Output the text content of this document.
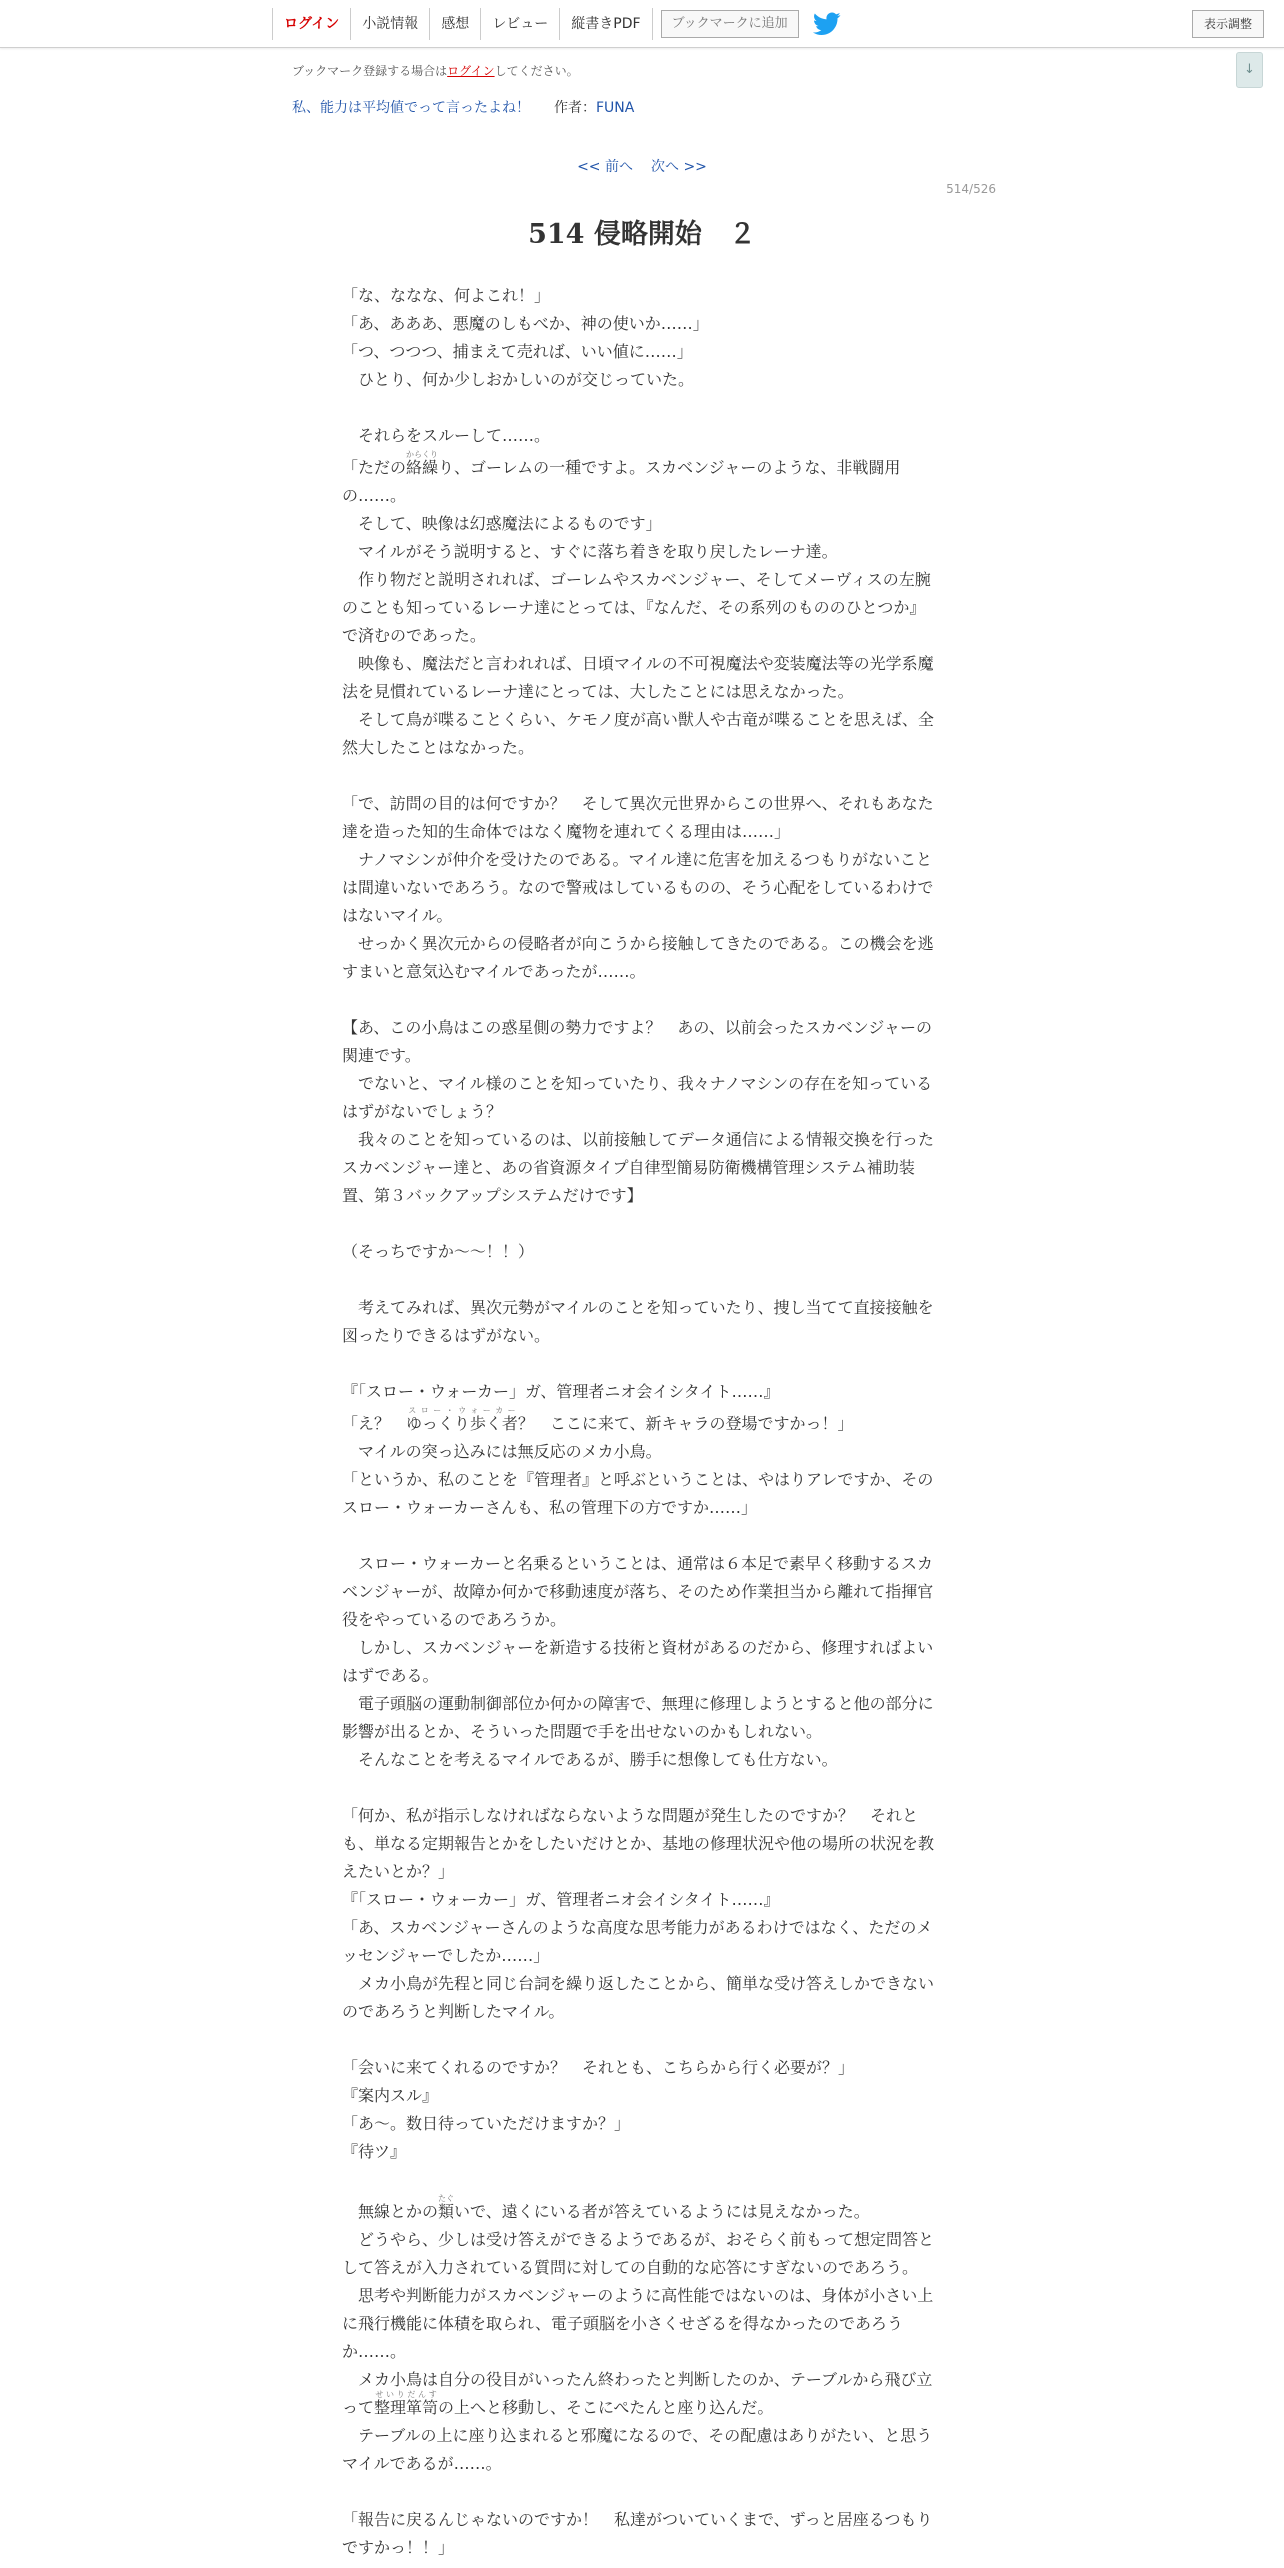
ログイン	小説情報	感想	レビュー	縦書きPDF	ブックマークに追加	表示調整
↓
ブックマーク登録する場合はログインしてください。
私、能力は平均値でって言ったよね！ 作者：FUNA
<< 前へ 次へ >>
514/526
514 侵略開始　２

「な、ななな、何よこれ！」

「あ、あああ、悪魔のしもべか、神の使いか……」

「つ、つつつ、捕まえて売れば、いい値に……」

　ひとり、何か少しおかしいのが交じっていた。

　それらをスルーして……。

「ただの絡繰からくりり、ゴーレムの一種ですよ。スカベンジャーのような、非戦闘用の……。

　そして、映像は幻惑魔法によるものです」

　マイルがそう説明すると、すぐに落ち着きを取り戻したレーナ達。

　作り物だと説明されれば、ゴーレムやスカベンジャー、そしてメーヴィスの左腕のことも知っているレーナ達にとっては、『なんだ、その系列のもののひとつか』で済むのであった。

　映像も、魔法だと言われれば、日頃マイルの不可視魔法や変装魔法等の光学系魔法を見慣れているレーナ達にとっては、大したことには思えなかった。

　そして鳥が喋ることくらい、ケモノ度が高い獣人や古竜が喋ることを思えば、全然大したことはなかった。

「で、訪問の目的は何ですか？　そして異次元世界からこの世界へ、それもあなた達を造った知的生命体ではなく魔物を連れてくる理由は……」

　ナノマシンが仲介を受けたのである。マイル達に危害を加えるつもりがないことは間違いないであろう。なので警戒はしているものの、そう心配をしているわけではないマイル。

　せっかく異次元からの侵略者が向こうから接触してきたのである。この機会を逃すまいと意気込むマイルであったが……。

【あ、この小鳥はこの惑星側の勢力ですよ？　あの、以前会ったスカベンジャーの関連です。

　でないと、マイル様のことを知っていたり、我々ナノマシンの存在を知っているはずがないでしょう？

　我々のことを知っているのは、以前接触してデータ通信による情報交換を行ったスカベンジャー達と、あの省資源タイプ自律型簡易防衛機構管理システム補助装置、第３バックアップシステムだけです】

（そっちですか～～！！）

　考えてみれば、異次元勢がマイルのことを知っていたり、捜し当てて直接接触を図ったりできるはずがない。

『「スロー・ウォーカー」ガ、管理者ニオ会イシタイト……』

「え？　ゆっくり歩く者スロー・ウォーカー？　ここに来て、新キャラの登場ですかっ！」

　マイルの突っ込みには無反応のメカ小鳥。

「というか、私のことを『管理者』と呼ぶということは、やはりアレですか、そのスロー・ウォーカーさんも、私の管理下の方ですか……」

　スロー・ウォーカーと名乗るということは、通常は６本足で素早く移動するスカベンジャーが、故障か何かで移動速度が落ち、そのため作業担当から離れて指揮官役をやっているのであろうか。

　しかし、スカベンジャーを新造する技術と資材があるのだから、修理すればよいはずである。

　電子頭脳の運動制御部位か何かの障害で、無理に修理しようとすると他の部分に影響が出るとか、そういった問題で手を出せないのかもしれない。

　そんなことを考えるマイルであるが、勝手に想像しても仕方ない。

「何か、私が指示しなければならないような問題が発生したのですか？　それとも、単なる定期報告とかをしたいだけとか、基地の修理状況や他の場所の状況を教えたいとか？」

『「スロー・ウォーカー」ガ、管理者ニオ会イシタイト……』

「あ、スカベンジャーさんのような高度な思考能力があるわけではなく、ただのメッセンジャーでしたか……」

　メカ小鳥が先程と同じ台詞を繰り返したことから、簡単な受け答えしかできないのであろうと判断したマイル。

「会いに来てくれるのですか？　それとも、こちらから行く必要が？」

『案内スル』

「あ～。数日待っていただけますか？」

『待ツ』

　無線とかの類たぐいで、遠くにいる者が答えているようには見えなかった。

　どうやら、少しは受け答えができるようであるが、おそらく前もって想定問答として答えが入力されている質問に対しての自動的な応答にすぎないのであろう。

　思考や判断能力がスカベンジャーのように高性能ではないのは、身体が小さい上に飛行機能に体積を取られ、電子頭脳を小さくせざるを得なかったのであろうか……。

　メカ小鳥は自分の役目がいったん終わったと判断したのか、テーブルから飛び立って整理箪笥せいりだんすの上へと移動し、そこにぺたんと座り込んだ。

　テーブルの上に座り込まれると邪魔になるので、その配慮はありがたい、と思うマイルであるが……。

「報告に戻るんじゃないのですか！　私達がついていくまで、ずっと居座るつもりですかっ！！」
